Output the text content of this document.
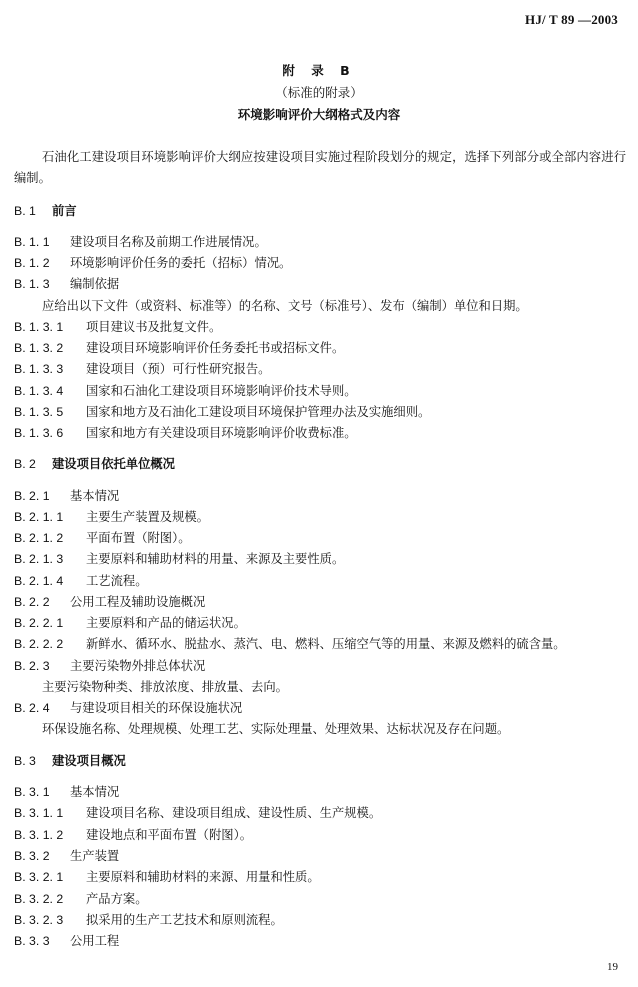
HJ/ T 89 —2003
附 录 B
（标准的附录）
环境影响评价大纲格式及内容
石油化工建设项目环境影响评价大纲应按建设项目实施过程阶段划分的规定，选择下列部分或全部内容进行编制。
B. 1 前言
B. 1. 1 建设项目名称及前期工作进展情况。
B. 1. 2 环境影响评价任务的委托（招标）情况。
B. 1. 3 编制依据
应给出以下文件（或资料、标准等）的名称、文号（标准号）、发布（编制）单位和日期。
B. 1. 3. 1 项目建议书及批复文件。
B. 1. 3. 2 建设项目环境影响评价任务委托书或招标文件。
B. 1. 3. 3 建设项目（预）可行性研究报告。
B. 1. 3. 4 国家和石油化工建设项目环境影响评价技术导则。
B. 1. 3. 5 国家和地方及石油化工建设项目环境保护管理办法及实施细则。
B. 1. 3. 6 国家和地方有关建设项目环境影响评价收费标准。
B. 2 建设项目依托单位概况
B. 2. 1 基本情况
B. 2. 1. 1 主要生产装置及规模。
B. 2. 1. 2 平面布置（附图）。
B. 2. 1. 3 主要原料和辅助材料的用量、来源及主要性质。
B. 2. 1. 4 工艺流程。
B. 2. 2 公用工程及辅助设施概况
B. 2. 2. 1 主要原料和产品的储运状况。
B. 2. 2. 2 新鲜水、循环水、脱盐水、蒸汽、电、燃料、压缩空气等的用量、来源及燃料的硫含量。
B. 2. 3 主要污染物外排总体状况
主要污染物种类、排放浓度、排放量、去向。
B. 2. 4 与建设项目相关的环保设施状况
环保设施名称、处理规模、处理工艺、实际处理量、处理效果、达标状况及存在问题。
B. 3 建设项目概况
B. 3. 1 基本情况
B. 3. 1. 1 建设项目名称、建设项目组成、建设性质、生产规模。
B. 3. 1. 2 建设地点和平面布置（附图）。
B. 3. 2 生产装置
B. 3. 2. 1 主要原料和辅助材料的来源、用量和性质。
B. 3. 2. 2 产品方案。
B. 3. 2. 3 拟采用的生产工艺技术和原则流程。
B. 3. 3 公用工程
19
